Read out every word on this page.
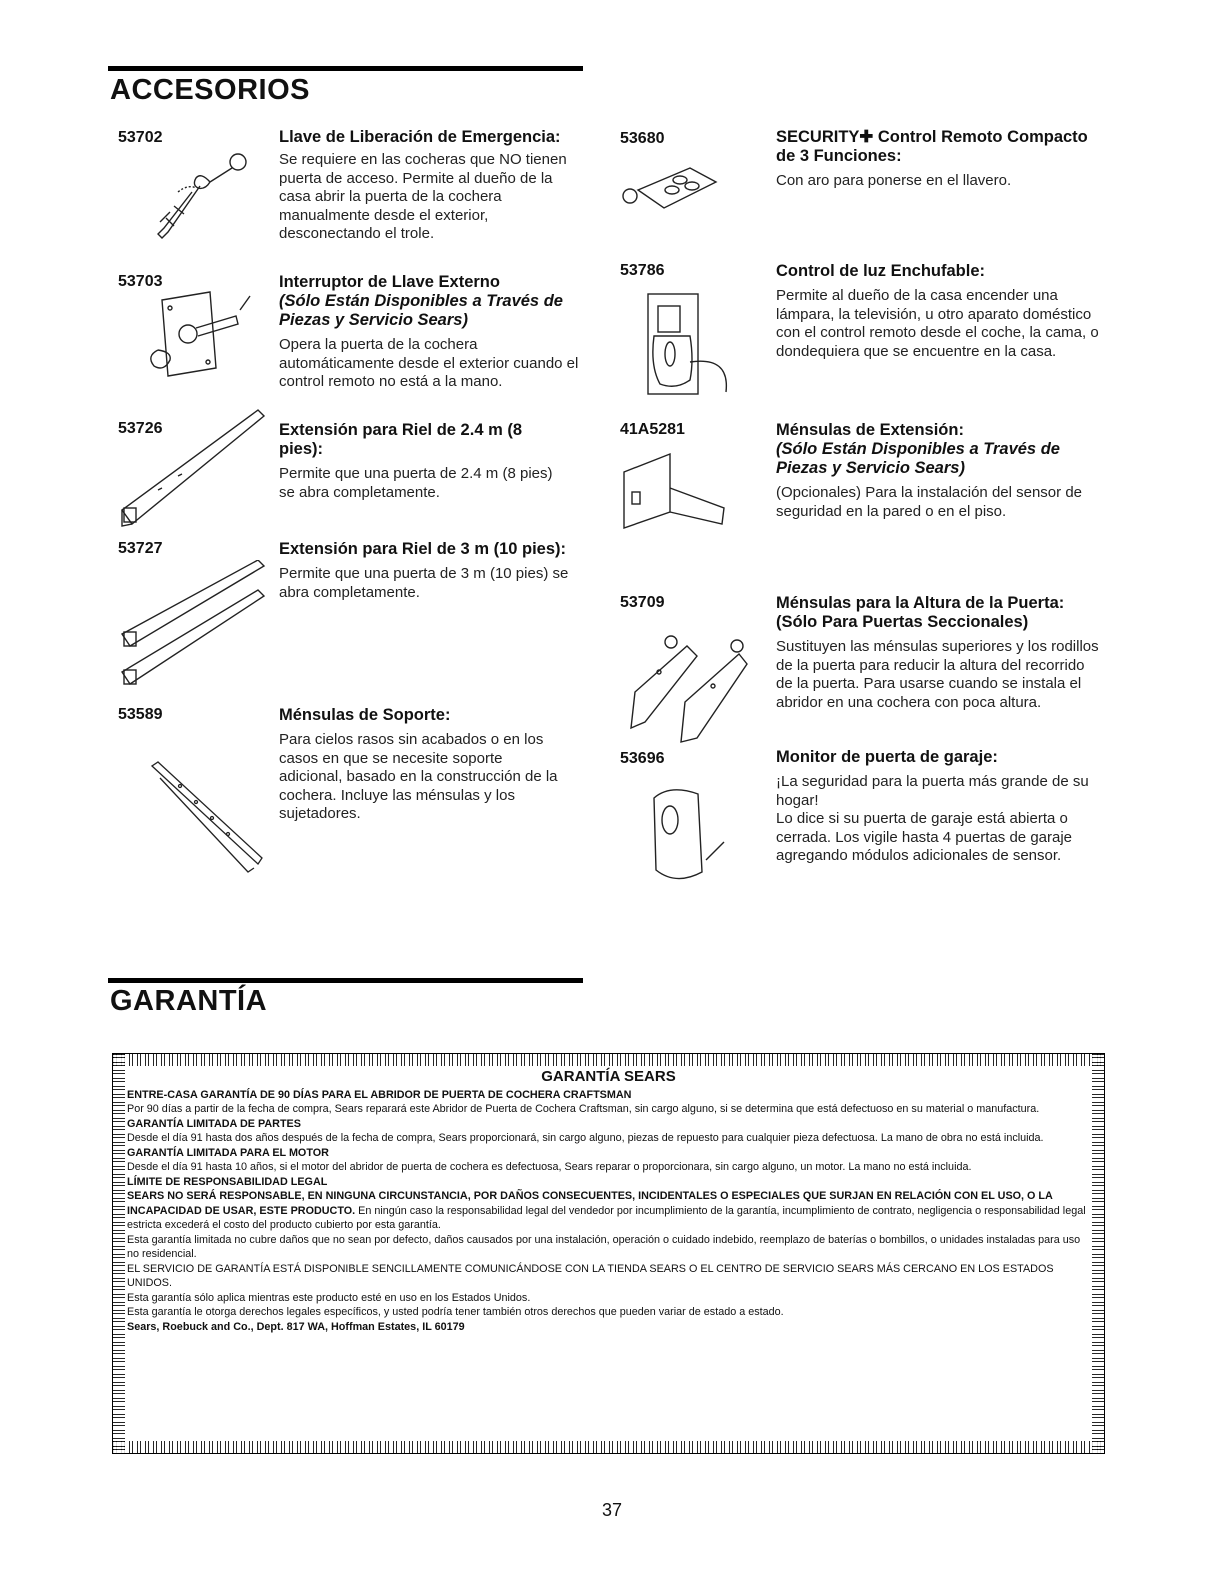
ACCESORIOS
53702	Llave de Liberación de Emergencia:
Se requiere en las cocheras que NO tienen puerta de acceso. Permite al dueño de la casa abrir la puerta de la cochera manualmente desde el exterior, desconectando el trole.
53703	Interruptor de Llave Externo
(Sólo Están Disponibles a Través de Piezas y Servicio Sears)
Opera la puerta de la cochera automáticamente desde el exterior cuando el control remoto no está a la mano.
53726	Extensión para Riel de 2.4 m (8 pies):
Permite que una puerta de 2.4 m (8 pies) se abra completamente.
53727	Extensión para Riel de 3 m (10 pies):
Permite que una puerta de 3 m (10 pies) se abra completamente.
53589	Ménsulas de Soporte:
Para cielos rasos sin acabados o en los casos en que se necesite soporte adicional, basado en la construcción de la cochera. Incluye las ménsulas y los sujetadores.
53680	SECURITY✚ Control Remoto Compacto de 3 Funciones:
Con aro para ponerse en el llavero.
53786	Control de luz Enchufable:
Permite al dueño de la casa encender una lámpara, la televisión, u otro aparato doméstico con el control remoto desde el coche, la cama, o dondequiera que se encuentre en la casa.
41A5281	Ménsulas de Extensión:
(Sólo Están Disponibles a Través de Piezas y Servicio Sears)
(Opcionales) Para la instalación del sensor de seguridad en la pared o en el piso.
53709	Ménsulas para la Altura de la Puerta: (Sólo Para Puertas Seccionales)
Sustituyen las ménsulas superiores y los rodillos de la puerta para reducir la altura del recorrido de la puerta. Para usarse cuando se instala el abridor en una cochera con poca altura.
53696	Monitor de puerta de garaje:
¡La seguridad para la puerta más grande de su hogar!
Lo dice si su puerta de garaje está abierta o cerrada. Los vigile hasta 4 puertas de garaje agregando módulos adicionales de sensor.
GARANTÍA
GARANTÍA SEARS

ENTRE-CASA GARANTÍA DE 90 DÍAS PARA EL ABRIDOR DE PUERTA DE COCHERA CRAFTSMAN

Por 90 días a partir de la fecha de compra, Sears reparará este Abridor de Puerta de Cochera Craftsman, sin cargo alguno, si se determina que está defectuoso en su material o manufactura.

GARANTÍA LIMITADA DE PARTES

Desde el día 91 hasta dos años después de la fecha de compra, Sears proporcionará, sin cargo alguno, piezas de repuesto para cualquier pieza defectuosa. La mano de obra no está incluida.

GARANTÍA LIMITADA PARA EL MOTOR

Desde el día 91 hasta 10 años, si el motor del abridor de puerta de cochera es defectuosa, Sears reparar o proporcionara, sin cargo alguno, un motor. La mano no está incluida.

LÍMITE DE RESPONSABILIDAD LEGAL

SEARS NO SERÁ RESPONSABLE, EN NINGUNA CIRCUNSTANCIA, POR DAÑOS CONSECUENTES, INCIDENTALES O ESPECIALES QUE SURJAN EN RELACIÓN CON EL USO, O LA INCAPACIDAD DE USAR, ESTE PRODUCTO. En ningún caso la responsabilidad legal del vendedor por incumplimiento de la garantía, incumplimiento de contrato, negligencia o responsabilidad legal estricta excederá el costo del producto cubierto por esta garantía.

Esta garantía limitada no cubre daños que no sean por defecto, daños causados por una instalación, operación o cuidado indebido, reemplazo de baterías o bombillos, o unidades instaladas para uso no residencial.

EL SERVICIO DE GARANTÍA ESTÁ DISPONIBLE SENCILLAMENTE COMUNICÁNDOSE CON LA TIENDA SEARS O EL CENTRO DE SERVICIO SEARS MÁS CERCANO EN LOS ESTADOS UNIDOS.

Esta garantía sólo aplica mientras este producto esté en uso en los Estados Unidos.

Esta garantía le otorga derechos legales específicos, y usted podría tener también otros derechos que pueden variar de estado a estado.

Sears, Roebuck and Co., Dept. 817 WA, Hoffman Estates, IL 60179

37
